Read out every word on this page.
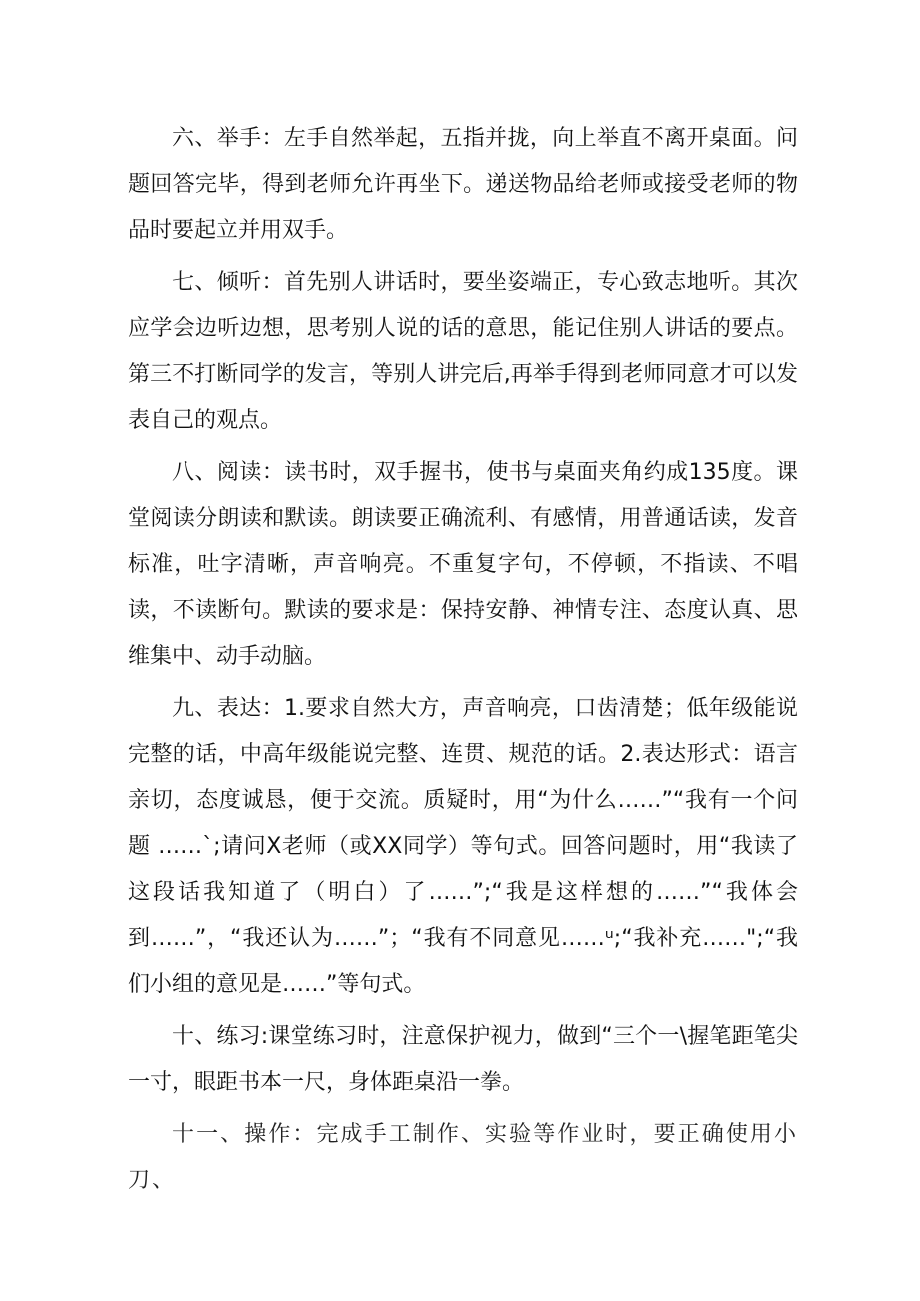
六、举手：左手自然举起，五指并拢，向上举直不离开桌面。问题回答完毕，得到老师允许再坐下。递送物品给老师或接受老师的物品时要起立并用双手。

七、倾听：首先别人讲话时，要坐姿端正，专心致志地听。其次应学会边听边想，思考别人说的话的意思，能记住别人讲话的要点。第三不打断同学的发言，等别人讲完后,再举手得到老师同意才可以发表自己的观点。

八、阅读：读书时，双手握书，使书与桌面夹角约成135度。课堂阅读分朗读和默读。朗读要正确流利、有感情，用普通话读，发音标准，吐字清晰，声音响亮。不重复字句，不停顿，不指读、不唱读，不读断句。默读的要求是：保持安静、神情专注、态度认真、思维集中、动手动脑。

九、表达：1.要求自然大方，声音响亮，口齿清楚；低年级能说完整的话，中高年级能说完整、连贯、规范的话。2.表达形式：语言亲切，态度诚恳，便于交流。质疑时，用“为什么……”“我有一个问题 ……`;请问X老师（或XX同学）等句式。回答问题时，用“我读了这段话我知道了（明白）了……”;“我是这样想的……”“我体会到……”，“我还认为……”；“我有不同意见……ᵘ;“我补充……";“我们小组的意见是……”等句式。

十、练习:课堂练习时，注意保护视力，做到“三个一\握笔距笔尖一寸，眼距书本一尺，身体距桌沿一拳。

十一、操作：完成手工制作、实验等作业时，要正确使用小刀、
